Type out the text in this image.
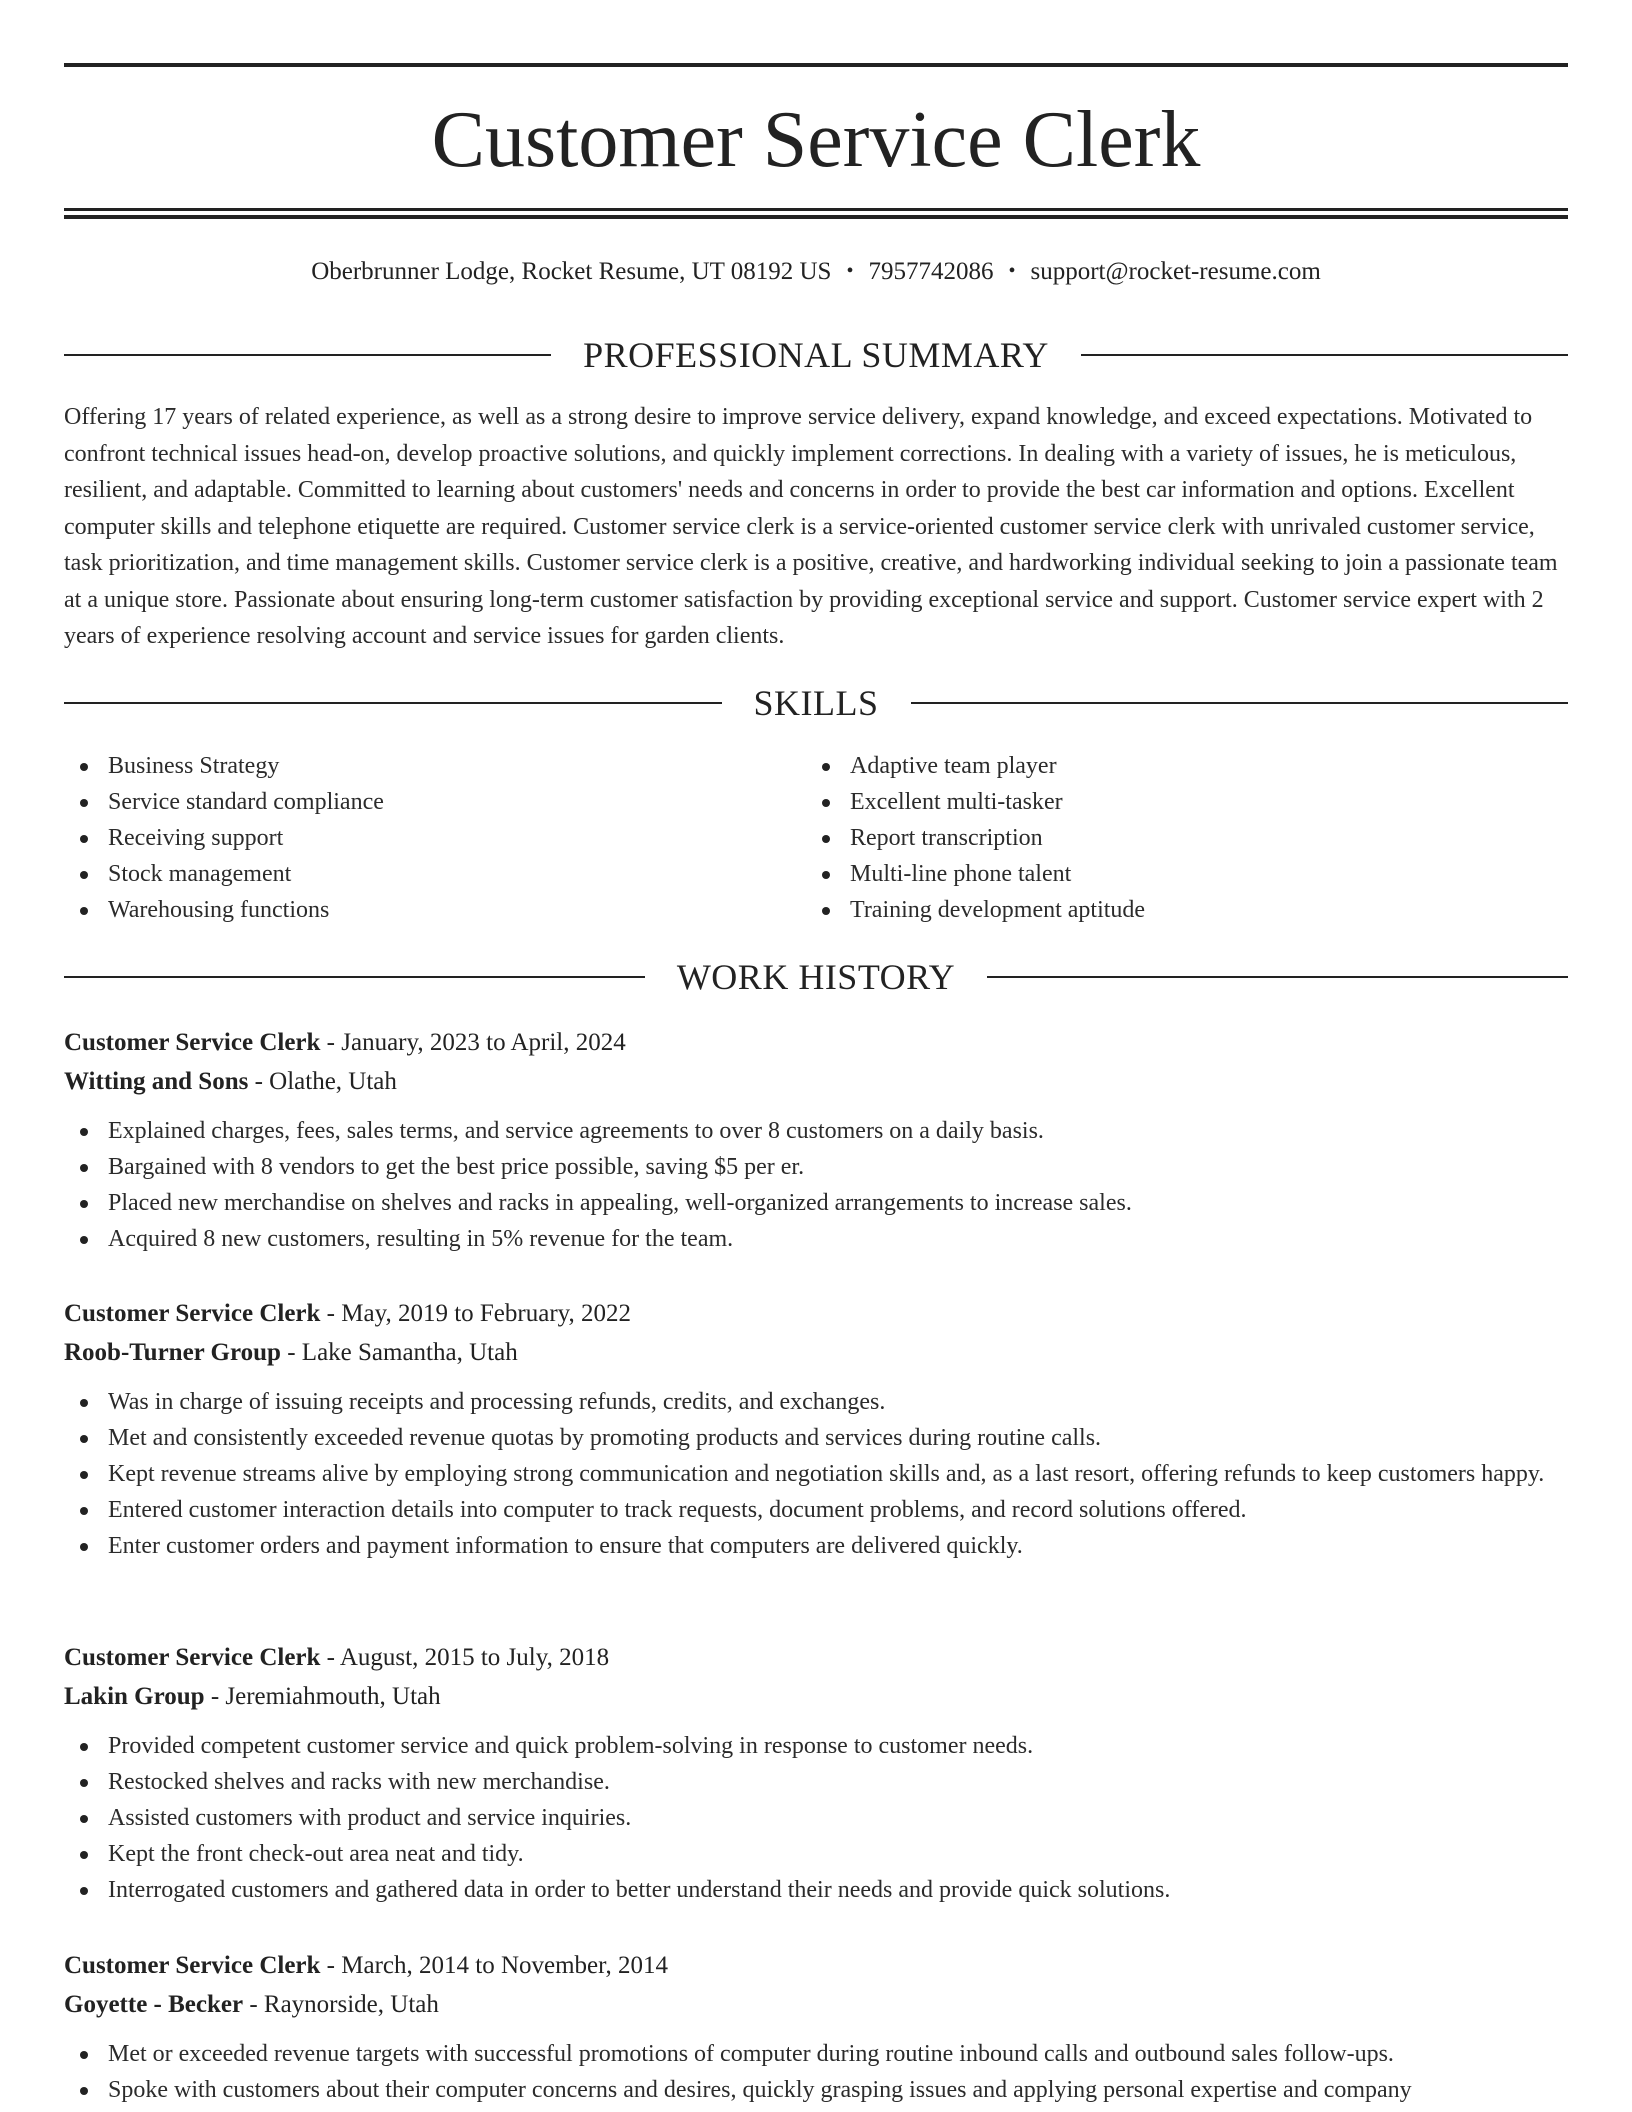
Customer Service Clerk
Oberbrunner Lodge, Rocket Resume, UT 08192 US • 7957742086 • support@rocket-resume.com
PROFESSIONAL SUMMARY

Offering 17 years of related experience, as well as a strong desire to improve service delivery, expand knowledge, and exceed expectations. Motivated to confront technical issues head-on, develop proactive solutions, and quickly implement corrections. In dealing with a variety of issues, he is meticulous, resilient, and adaptable. Committed to learning about customers' needs and concerns in order to provide the best car information and options. Excellent computer skills and telephone etiquette are required. Customer service clerk is a service-oriented customer service clerk with unrivaled customer service, task prioritization, and time management skills. Customer service clerk is a positive, creative, and hardworking individual seeking to join a passionate team at a unique store. Passionate about ensuring long-term customer satisfaction by providing exceptional service and support. Customer service expert with 2 years of experience resolving account and service issues for garden clients.

SKILLS
Business Strategy
Service standard compliance
Receiving support
Stock management
Warehousing functions
Adaptive team player
Excellent multi-tasker
Report transcription
Multi-line phone talent
Training development aptitude
WORK HISTORY
Customer Service Clerk - January, 2023 to April, 2024
Witting and Sons - Olathe, Utah
Explained charges, fees, sales terms, and service agreements to over 8 customers on a daily basis.
Bargained with 8 vendors to get the best price possible, saving $5 per er.
Placed new merchandise on shelves and racks in appealing, well-organized arrangements to increase sales.
Acquired 8 new customers, resulting in 5% revenue for the team.
Customer Service Clerk - May, 2019 to February, 2022
Roob-Turner Group - Lake Samantha, Utah
Was in charge of issuing receipts and processing refunds, credits, and exchanges.
Met and consistently exceeded revenue quotas by promoting products and services during routine calls.
Kept revenue streams alive by employing strong communication and negotiation skills and, as a last resort, offering refunds to keep customers happy.
Entered customer interaction details into computer to track requests, document problems, and record solutions offered.
Enter customer orders and payment information to ensure that computers are delivered quickly.
Customer Service Clerk - August, 2015 to July, 2018
Lakin Group - Jeremiahmouth, Utah
Provided competent customer service and quick problem-solving in response to customer needs.
Restocked shelves and racks with new merchandise.
Assisted customers with product and service inquiries.
Kept the front check-out area neat and tidy.
Interrogated customers and gathered data in order to better understand their needs and provide quick solutions.
Customer Service Clerk - March, 2014 to November, 2014
Goyette - Becker - Raynorside, Utah
Met or exceeded revenue targets with successful promotions of computer during routine inbound calls and outbound sales follow-ups.
Spoke with customers about their computer concerns and desires, quickly grasping issues and applying personal expertise and company
